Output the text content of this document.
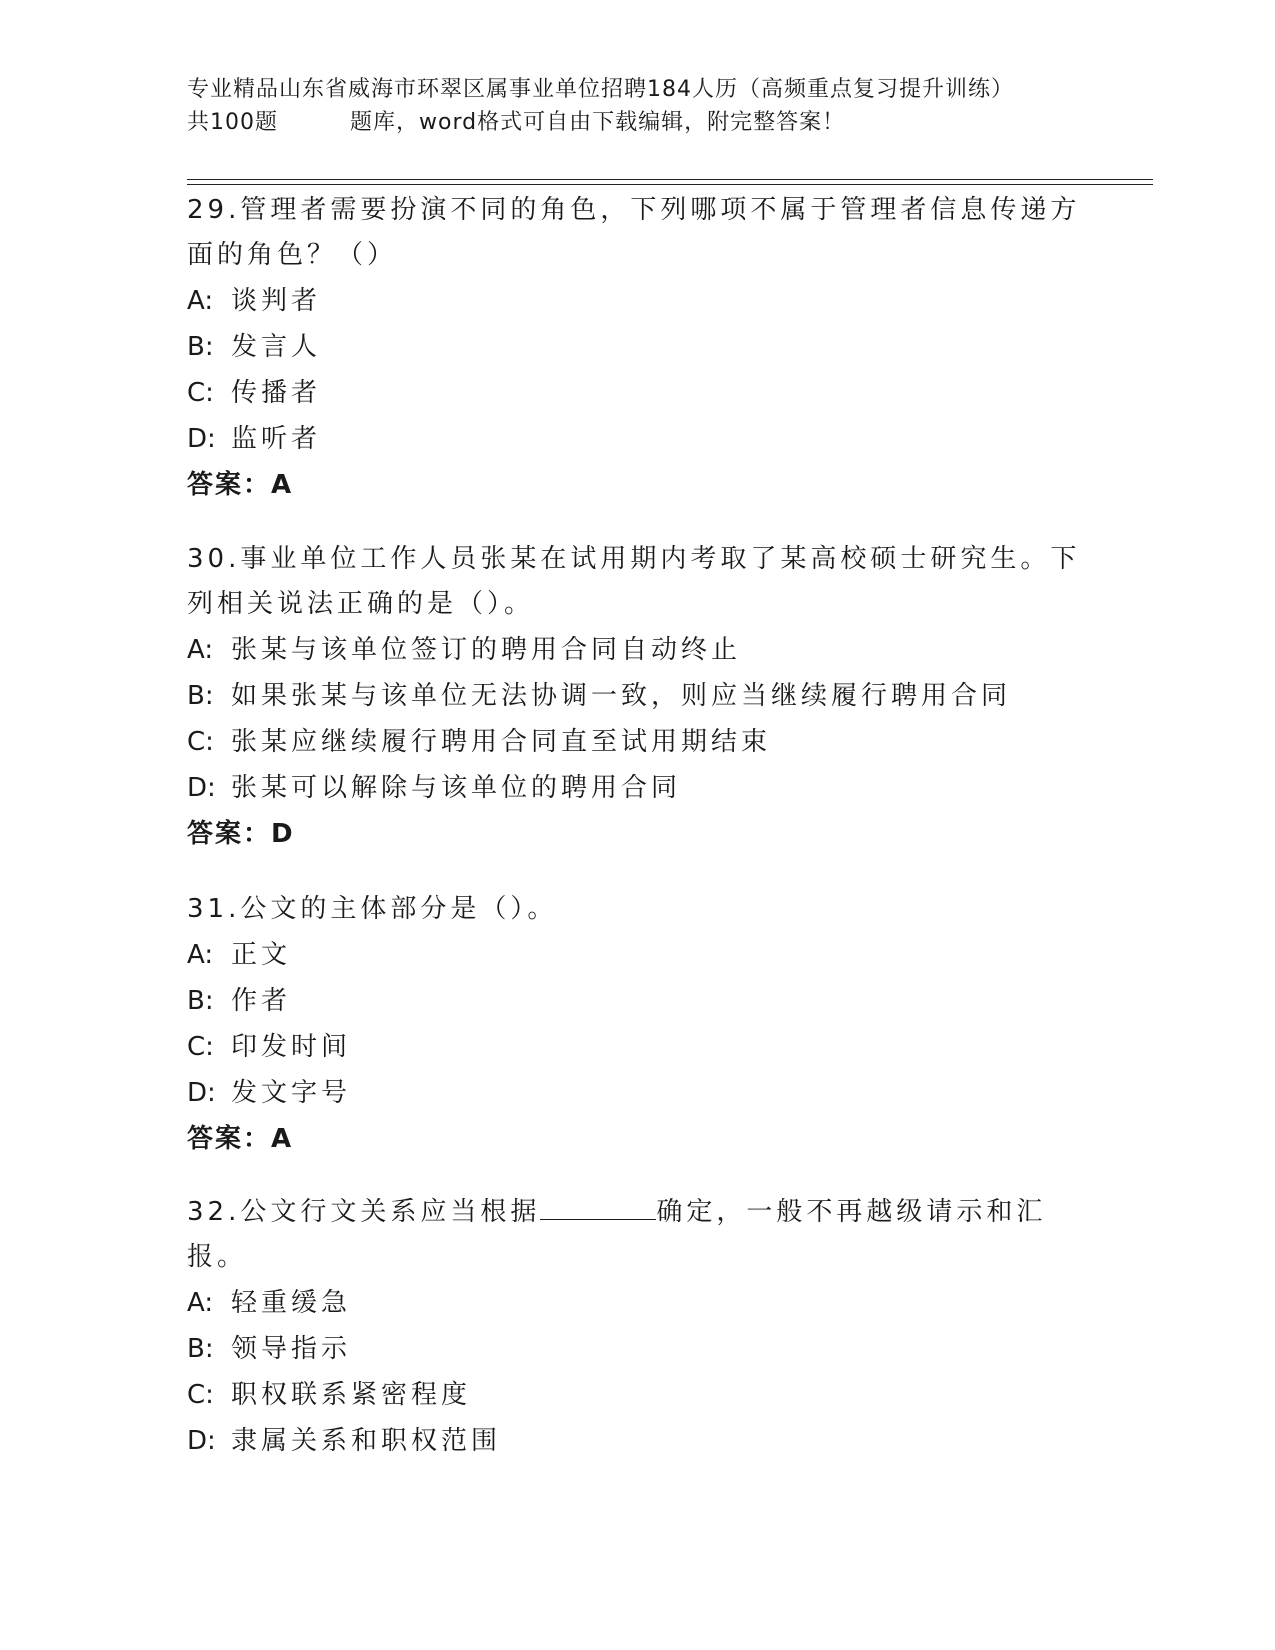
专业精品山东省威海市环翠区属事业单位招聘184人历（高频重点复习提升训练）
共100题	题库，word格式可自由下载编辑，附完整答案！

29.管理者需要扮演不同的角色，下列哪项不属于管理者信息传递方面的角色？（）

A: 谈判者
B: 发言人
C: 传播者
D: 监听者
答案：A

30.事业单位工作人员张某在试用期内考取了某高校硕士研究生。下列相关说法正确的是（）。

A: 张某与该单位签订的聘用合同自动终止
B: 如果张某与该单位无法协调一致，则应当继续履行聘用合同
C: 张某应继续履行聘用合同直至试用期结束
D: 张某可以解除与该单位的聘用合同
答案：D

31.公文的主体部分是（）。

A: 正文
B: 作者
C: 印发时间
D: 发文字号
答案：A

32.公文行文关系应当根据	确定，一般不再越级请示和汇报。

A: 轻重缓急
B: 领导指示
C: 职权联系紧密程度
D: 隶属关系和职权范围
